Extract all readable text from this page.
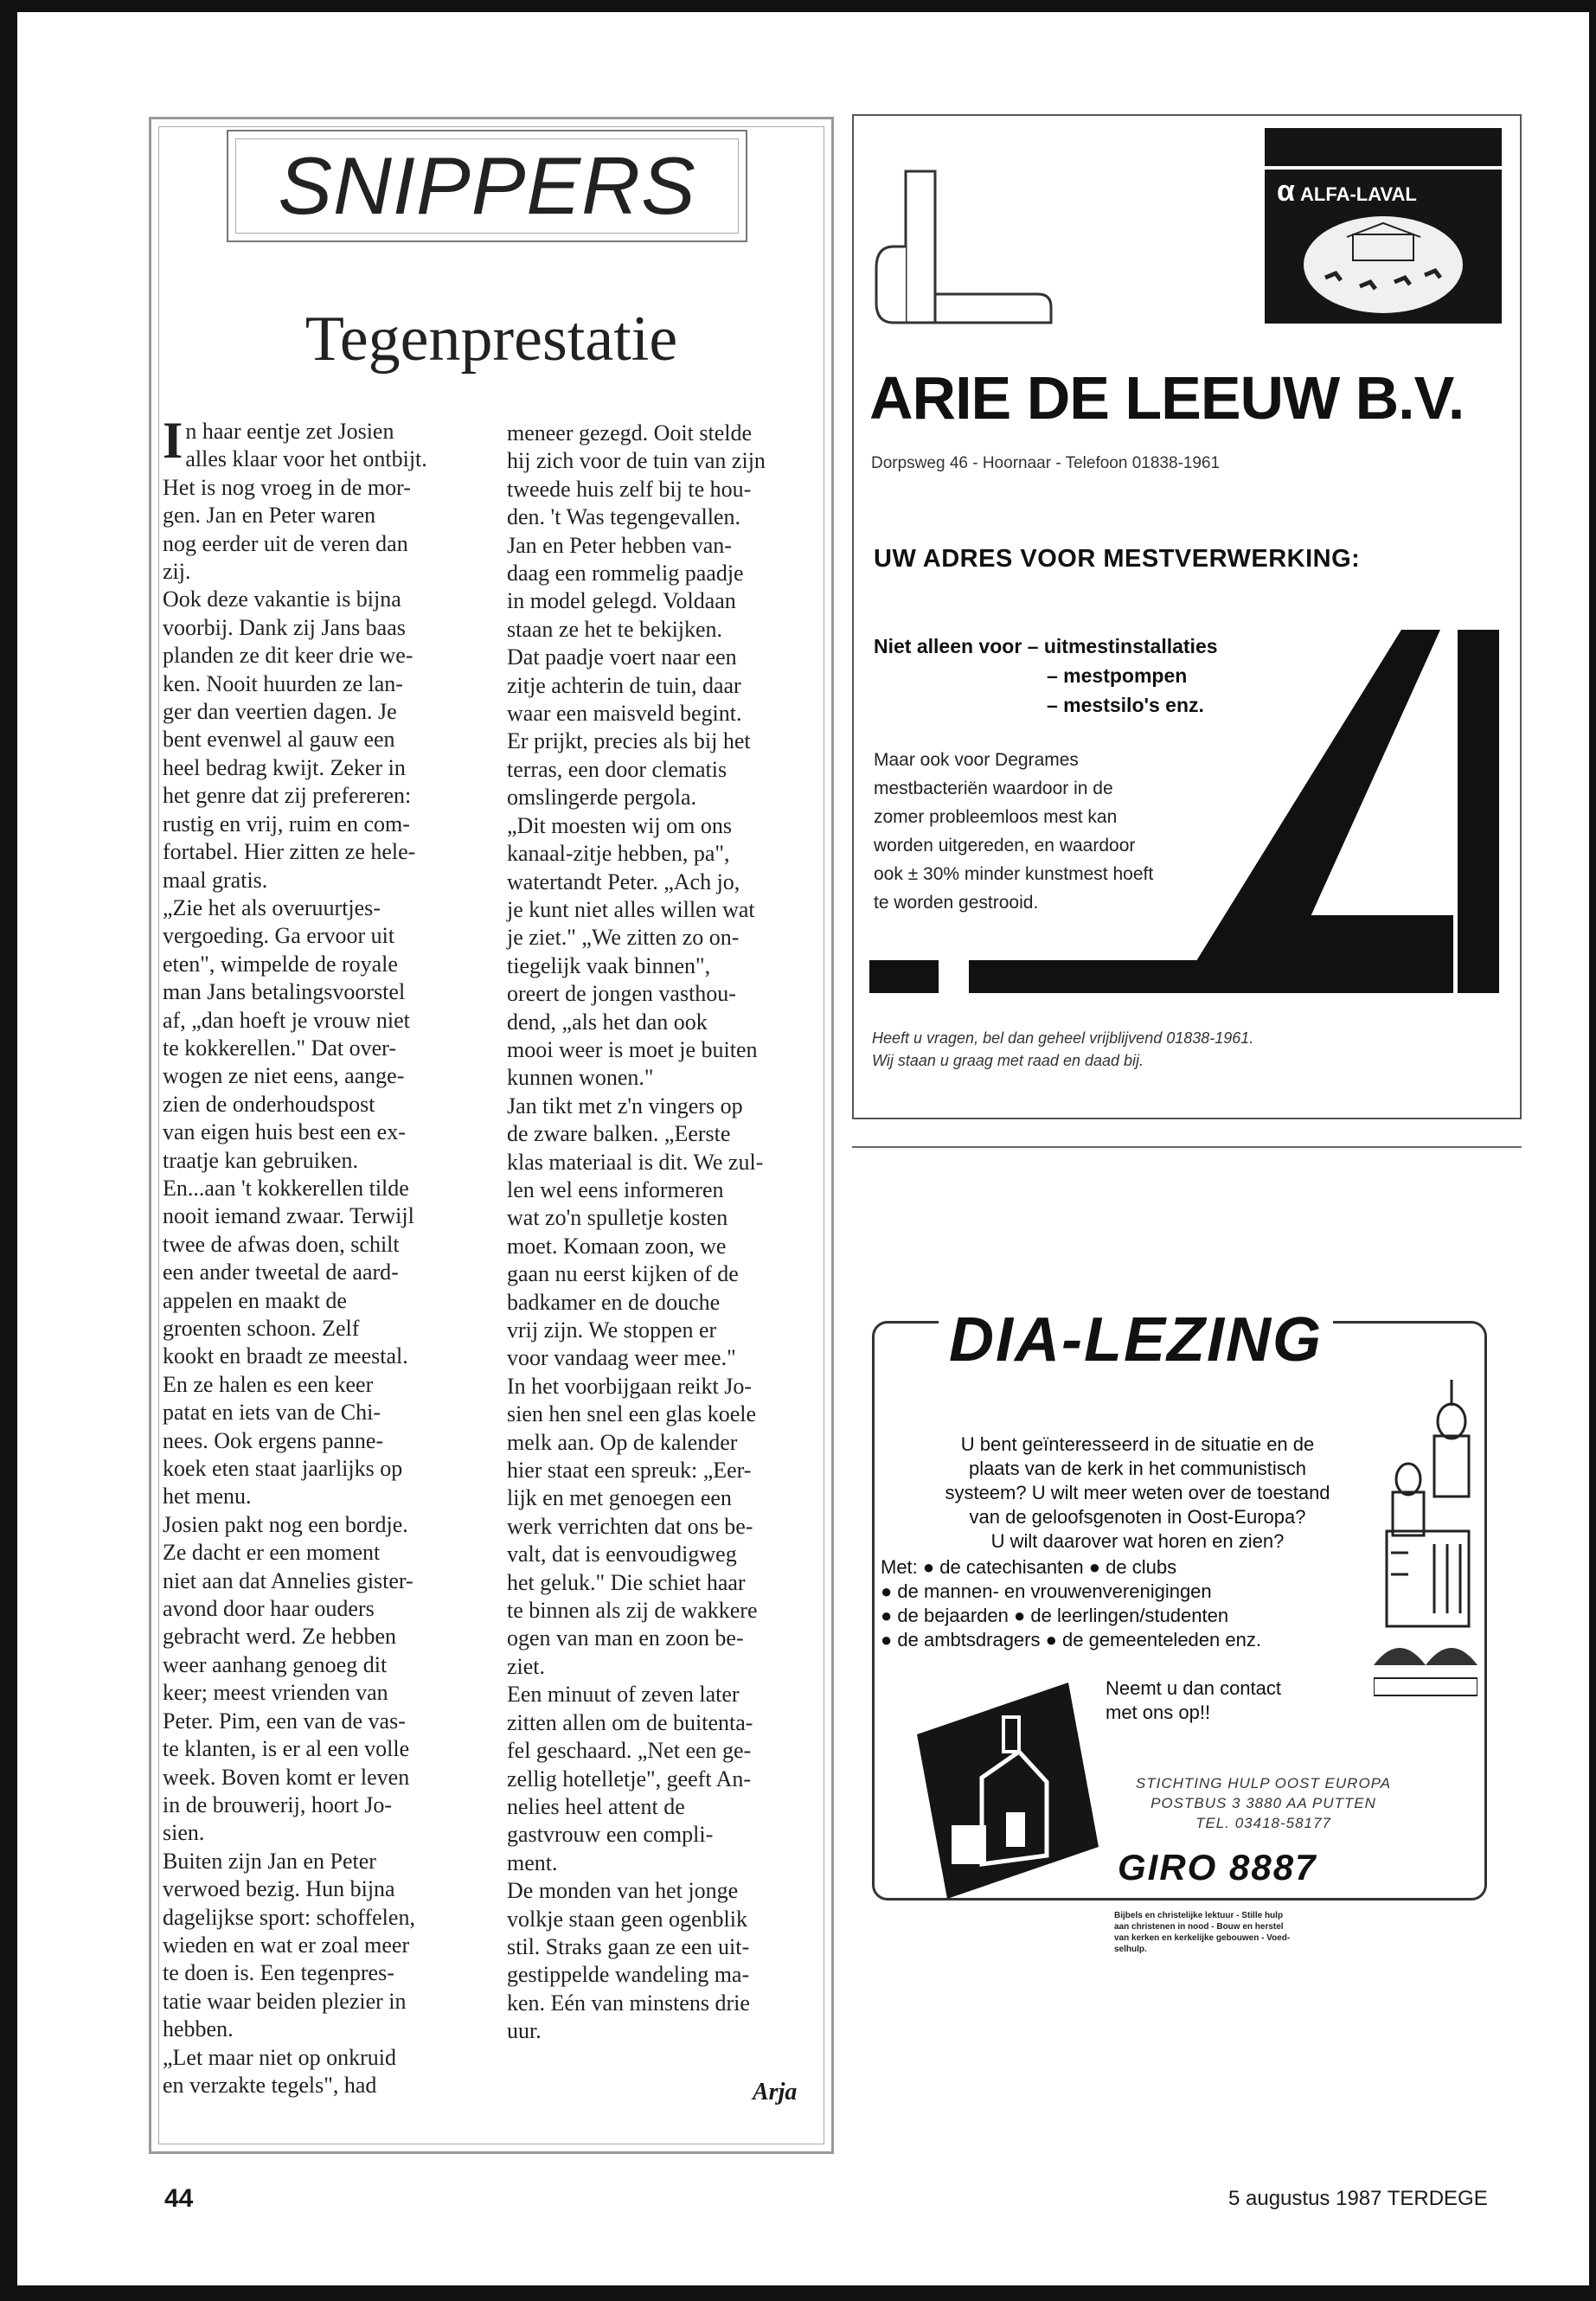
SNIPPERS
Tegenprestatie
I n haar eentje zet Josien
alles klaar voor het ontbijt.
Het is nog vroeg in de mor-
gen. Jan en Peter waren
nog eerder uit de veren dan
zij.
Ook deze vakantie is bijna
voorbij. Dank zij Jans baas
planden ze dit keer drie we-
ken. Nooit huurden ze lan-
ger dan veertien dagen. Je
bent evenwel al gauw een
heel bedrag kwijt. Zeker in
het genre dat zij prefereren:
rustig en vrij, ruim en com-
fortabel. Hier zitten ze hele-
maal gratis.
„Zie het als overuurtjes-
vergoeding. Ga ervoor uit
eten", wimpelde de royale
man Jans betalingsvoorstel
af, „dan hoeft je vrouw niet
te kokkerellen." Dat over-
wogen ze niet eens, aange-
zien de onderhoudspost
van eigen huis best een ex-
traatje kan gebruiken.
En...aan 't kokkerellen tilde
nooit iemand zwaar. Terwijl
twee de afwas doen, schilt
een ander tweetal de aard-
appelen en maakt de
groenten schoon. Zelf
kookt en braadt ze meestal.
En ze halen es een keer
patat en iets van de Chi-
nees. Ook ergens panne-
koek eten staat jaarlijks op
het menu.
Josien pakt nog een bordje.
Ze dacht er een moment
niet aan dat Annelies gister-
avond door haar ouders
gebracht werd. Ze hebben
weer aanhang genoeg dit
keer; meest vrienden van
Peter. Pim, een van de vas-
te klanten, is er al een volle
week. Boven komt er leven
in de brouwerij, hoort Jo-
sien.
Buiten zijn Jan en Peter
verwoed bezig. Hun bijna
dagelijkse sport: schoffelen,
wieden en wat er zoal meer
te doen is. Een tegenpres-
tatie waar beiden plezier in
hebben.
„Let maar niet op onkruid
en verzakte tegels", had

meneer gezegd. Ooit stelde
hij zich voor de tuin van zijn
tweede huis zelf bij te hou-
den. 't Was tegengevallen.
Jan en Peter hebben van-
daag een rommelig paadje
in model gelegd. Voldaan
staan ze het te bekijken.
Dat paadje voert naar een
zitje achterin de tuin, daar
waar een maisveld begint.
Er prijkt, precies als bij het
terras, een door clematis
omslingerde pergola.
„Dit moesten wij om ons
kanaal-zitje hebben, pa",
watertandt Peter. „Ach jo,
je kunt niet alles willen wat
je ziet." „We zitten zo on-
tiegelijk vaak binnen",
oreert de jongen vasthou-
dend, „als het dan ook
mooi weer is moet je buiten
kunnen wonen."
Jan tikt met z'n vingers op
de zware balken. „Eerste
klas materiaal is dit. We zul-
len wel eens informeren
wat zo'n spulletje kosten
moet. Komaan zoon, we
gaan nu eerst kijken of de
badkamer en de douche
vrij zijn. We stoppen er
voor vandaag weer mee."
In het voorbijgaan reikt Jo-
sien hen snel een glas koele
melk aan. Op de kalender
hier staat een spreuk: „Eer-
lijk en met genoegen een
werk verrichten dat ons be-
valt, dat is eenvoudigweg
het geluk." Die schiet haar
te binnen als zij de wakkere
ogen van man en zoon be-
ziet.
Een minuut of zeven later
zitten allen om de buitenta-
fel geschaard. „Net een ge-
zellig hotelletje", geeft An-
nelies heel attent de
gastvrouw een compli-
ment.
De monden van het jonge
volkje staan geen ogenblik
stil. Straks gaan ze een uit-
gestippelde wandeling ma-
ken. Eén van minstens drie
uur.

Arja
α ALFA-LAVAL
ARIE DE LEEUW B.V.
Dorpsweg 46 - Hoornaar - Telefoon 01838-1961
UW ADRES VOOR MESTVERWERKING:
Niet alleen voor – uitmestinstallaties
– mestpompen
– mestsilo's enz.
Maar ook voor Degrames
mestbacteriën waardoor in de
zomer probleemloos mest kan
worden uitgereden, en waardoor
ook ± 30% minder kunstmest hoeft
te worden gestrooid.
Heeft u vragen, bel dan geheel vrijblijvend 01838-1961.
Wij staan u graag met raad en daad bij.
DIA-LEZING
U bent geïnteresseerd in de situatie en de
plaats van de kerk in het communistisch
systeem? U wilt meer weten over de toestand
van de geloofsgenoten in Oost-Europa?
U wilt daarover wat horen en zien?
Met: ● de catechisanten ● de clubs
● de mannen- en vrouwenverenigingen
● de bejaarden ● de leerlingen/studenten
● de ambtsdragers ● de gemeenteleden enz.
Neemt u dan contact
met ons op!!
STICHTING HULP OOST EUROPA
POSTBUS 3 3880 AA PUTTEN
TEL. 03418-58177
GIRO 8887
Bijbels en christelijke lektuur - Stille hulp
aan christenen in nood - Bouw en herstel
van kerken en kerkelijke gebouwen - Voed-
selhulp.
44	5 augustus 1987 TERDEGE
